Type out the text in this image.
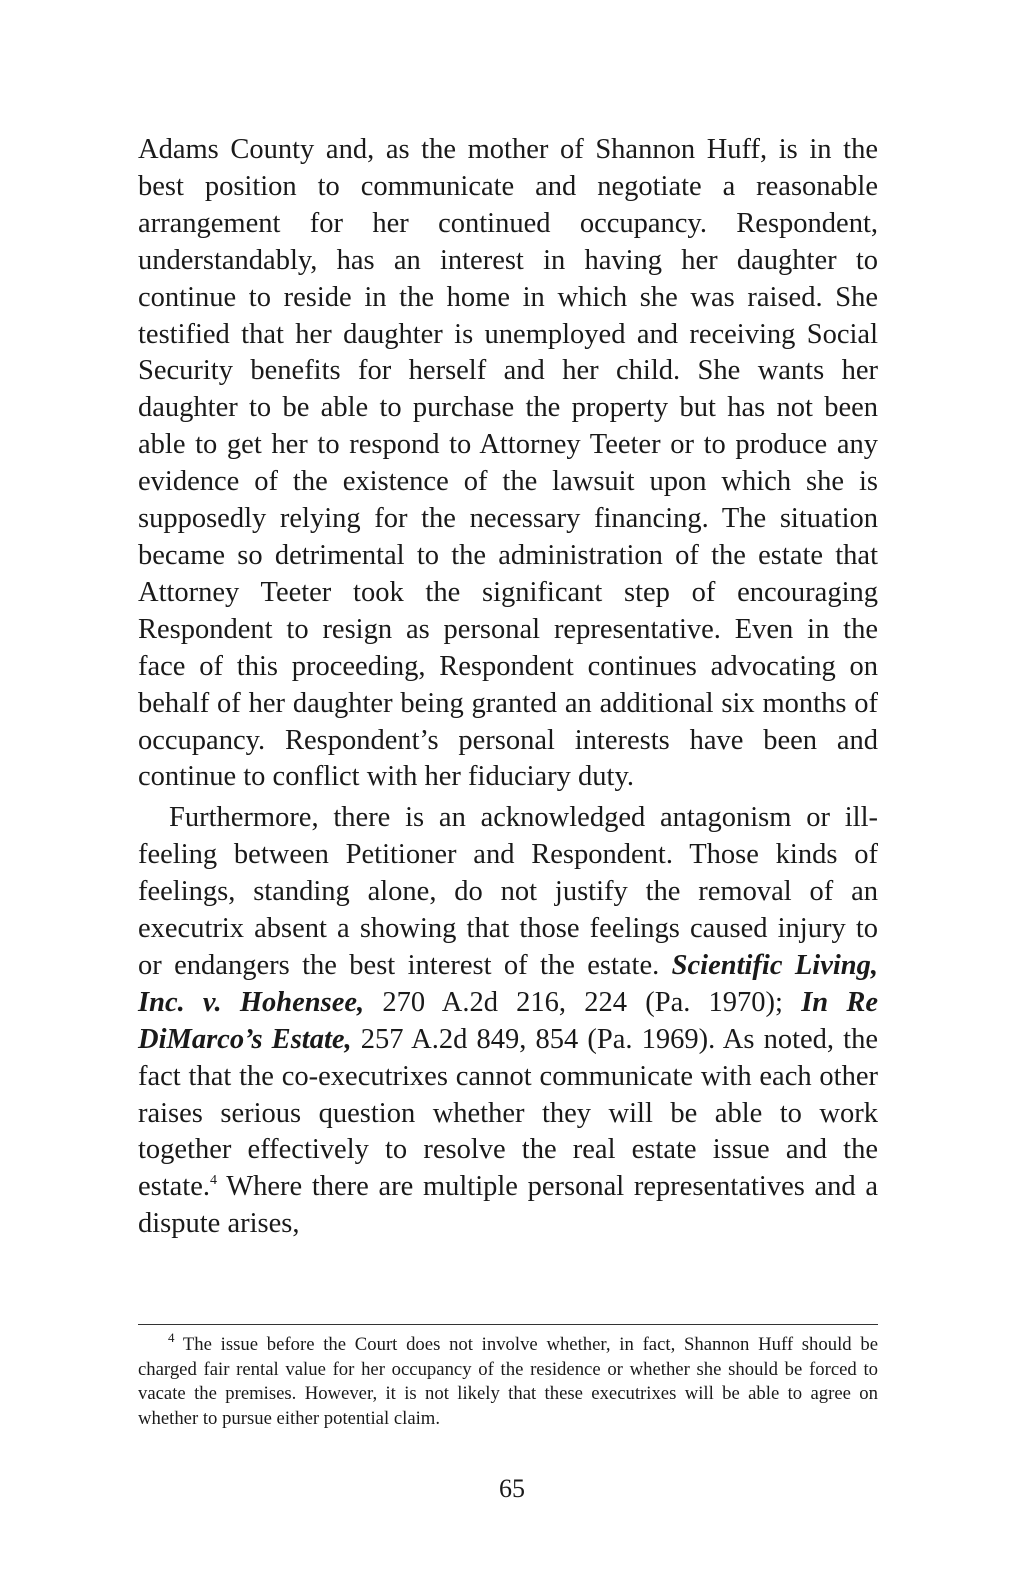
Adams County and, as the mother of Shannon Huff, is in the best position to communicate and negotiate a reasonable arrangement for her continued occupancy. Respondent, understandably, has an interest in having her daughter to continue to reside in the home in which she was raised. She testified that her daughter is unemployed and receiving Social Security benefits for herself and her child. She wants her daughter to be able to purchase the property but has not been able to get her to respond to Attorney Teeter or to produce any evidence of the existence of the lawsuit upon which she is supposedly relying for the necessary financing. The situation became so detrimental to the administration of the estate that Attorney Teeter took the significant step of encouraging Respondent to resign as personal representative. Even in the face of this proceeding, Respondent continues advocating on behalf of her daughter being granted an additional six months of occupancy. Respondent’s personal interests have been and continue to conflict with her fiduciary duty.

Furthermore, there is an acknowledged antagonism or ill-feeling between Petitioner and Respondent. Those kinds of feelings, standing alone, do not justify the removal of an executrix absent a showing that those feelings caused injury to or endangers the best interest of the estate. Scientific Living, Inc. v. Hohensee, 270 A.2d 216, 224 (Pa. 1970); In Re DiMarco’s Estate, 257 A.2d 849, 854 (Pa. 1969). As noted, the fact that the co-executrixes cannot communicate with each other raises serious question whether they will be able to work together effectively to resolve the real estate issue and the estate.$^4$ Where there are multiple personal representatives and a dispute arises,

$^4$ The issue before the Court does not involve whether, in fact, Shannon Huff should be charged fair rental value for her occupancy of the residence or whether she should be forced to vacate the premises. However, it is not likely that these executrixes will be able to agree on whether to pursue either potential claim.

65
